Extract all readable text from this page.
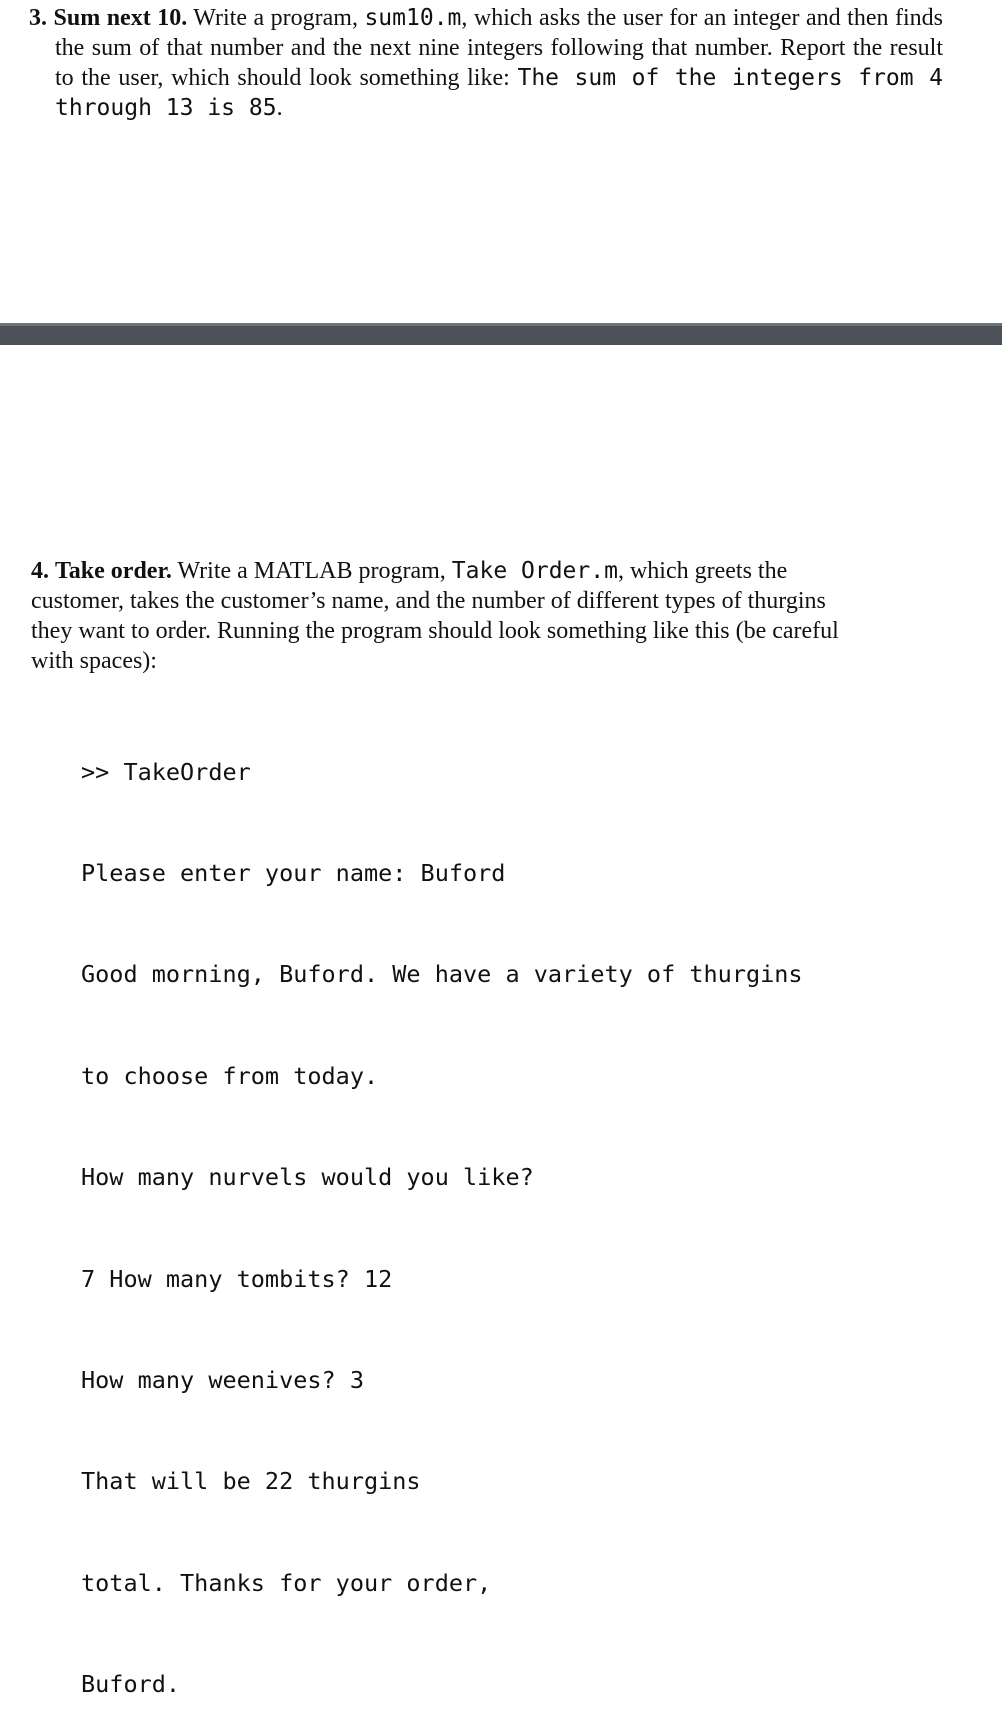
3. Sum next 10. Write a program, sum10.m, which asks the user for an integer and then finds the sum of that number and the next nine integers following that number. Report the result to the user, which should look something like: The sum of the integers from 4 through 13 is 85.

4. Take order. Write a MATLAB program, Take Order.m, which greets the customer, takes the customer’s name, and the number of different types of thurgins they want to order. Running the program should look something like this (be careful with spaces):

>> TakeOrder

Please enter your name: Buford

Good morning, Buford. We have a variety of thurgins

to choose from today.

How many nurvels would you like?

7 How many tombits? 12

How many weenives? 3

That will be 22 thurgins

total. Thanks for your order,

Buford.
